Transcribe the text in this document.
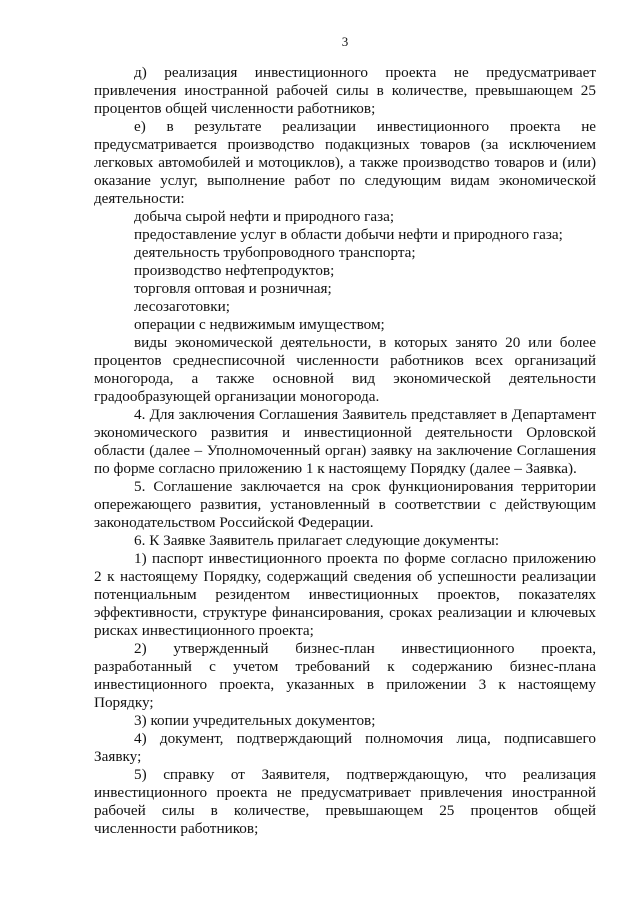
3

д) реализация инвестиционного проекта не предусматривает привлечения иностранной рабочей силы в количестве, превышающем 25 процентов общей численности работников;

е) в результате реализации инвестиционного проекта не предусматривается производство подакцизных товаров (за исключением легковых автомобилей и мотоциклов), а также производство товаров и (или) оказание услуг, выполнение работ по следующим видам экономической деятельности:

добыча сырой нефти и природного газа;
предоставление услуг в области добычи нефти и природного газа;
деятельность трубопроводного транспорта;
производство нефтепродуктов;
торговля оптовая и розничная;
лесозаготовки;
операции с недвижимым имуществом;

виды экономической деятельности, в которых занято 20 или более процентов среднесписочной численности работников всех организаций моногорода, а также основной вид экономической деятельности градообразующей организации моногорода.

4. Для заключения Соглашения Заявитель представляет в Департамент экономического развития и инвестиционной деятельности Орловской области (далее – Уполномоченный орган) заявку на заключение Соглашения по форме согласно приложению 1 к настоящему Порядку (далее – Заявка).

5. Соглашение заключается на срок функционирования территории опережающего развития, установленный в соответствии с действующим законодательством Российской Федерации.

6. К Заявке Заявитель прилагает следующие документы:

1) паспорт инвестиционного проекта по форме согласно приложению 2 к настоящему Порядку, содержащий сведения об успешности реализации потенциальным резидентом инвестиционных проектов, показателях эффективности, структуре финансирования, сроках реализации и ключевых рисках инвестиционного проекта;

2) утвержденный бизнес-план инвестиционного проекта, разработанный с учетом требований к содержанию бизнес-плана инвестиционного проекта, указанных в приложении 3 к настоящему Порядку;

3) копии учредительных документов;

4) документ, подтверждающий полномочия лица, подписавшего Заявку;

5) справку от Заявителя, подтверждающую, что реализация инвестиционного проекта не предусматривает привлечения иностранной рабочей силы в количестве, превышающем 25 процентов общей численности работников;
